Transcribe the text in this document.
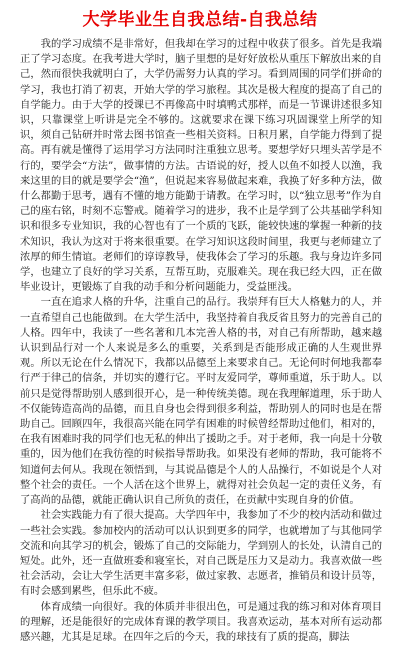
大学毕业生自我总结-自我总结

我的学习成绩不是非常好，但我却在学习的过程中收获了很多。首先是我端正了学习态度。在我考进大学时，脑子里想的是好好放松从重压下解放出来的自己，然而很快我就明白了，大学仍需努力认真的学习。看到周围的同学们拼命的学习，我也打消了初衷，开始大学的学习旅程。其次是极大程度的提高了自己的自学能力。由于大学的授课已不再像高中时填鸭式那样，而是一节课讲述很多知识，只靠课堂上听讲是完全不够的。这就要求在课下练习巩固课堂上所学的知识，须自己钻研并时常去图书馆查一些相关资料。日积月累，自学能力得到了提高。再有就是懂得了运用学习方法同时注重独立思考。要想学好只埋头苦学是不行的，要学会“方法”，做事情的方法。古语说的好，授人以鱼不如授人以渔，我来这里的目的就是要学会“渔”，但说起来容易做起来难，我换了好多种方法，做什么都勤于思考，遇有不懂的地方能勤于请教。在学习时，以“独立思考”作为自己的座右铭，时刻不忘警戒。随着学习的进步，我不止是学到了公共基础学科知识和很多专业知识，我的心智也有了一个质的飞跃，能较快速的掌握一种新的技术知识，我认为这对于将来很重要。在学习知识这段时间里，我更与老师建立了浓厚的师生情谊。老师们的谆谆教导，使我体会了学习的乐趣。我与身边许多同学，也建立了良好的学习关系，互帮互助，克服难关。现在我已经大四，正在做毕业设计，更锻炼了自我的动手和分析问题能力，受益匪浅。

一直在追求人格的升华，注重自己的品行。我崇拜有巨大人格魅力的人，并一直希望自己也能做到。在大学生活中，我坚持着自我反省且努力的完善自己的人格。四年中，我读了一些名著和几本完善人格的书，对自己有所帮助，越来越认识到品行对一个人来说是多么的重要，关系到是否能形成正确的人生观世界观。所以无论在什么情况下，我都以品德至上来要求自己。无论何时何地我都奉行严于律己的信条，并切实的遵行它。平时友爱同学，尊师重道，乐于助人。以前只是觉得帮助别人感到很开心，是一种传统美德。现在我理解道理，乐于助人不仅能铸造高尚的品德，而且自身也会得到很多利益，帮助别人的同时也是在帮助自己。回顾四年，我很高兴能在同学有困难的时候曾经帮助过他们，相对的，在我有困难时我的同学们也无私的伸出了援助之手。对于老师，我一向是十分敬重的，因为他们在我彷徨的时候指导帮助我。如果没有老师的帮助，我可能将不知道何去何从。我现在领悟到，与其说品德是个人的人品操行，不如说是个人对整个社会的责任。一个人活在这个世界上，就得对社会负起一定的责任义务，有了高尚的品德，就能正确认识自己所负的责任，在贡献中实现自身的价值。

社会实践能力有了很大提高。大学四年中，我参加了不少的校内活动和做过一些社会实践。参加校内的活动可以认识到更多的同学，也就增加了与其他同学交流和向其学习的机会，锻炼了自己的交际能力，学到别人的长处，认清自己的短处。此外，还一直做班委和寝室长，对自己既是压力又是动力。我喜欢做一些社会活动，会让大学生活更丰富多彩，做过家教、志愿者，推销员和设计员等，有时会感到累些，但乐此不疲。

体育成绩一向很好。我的体质并非很出色，可是通过我的练习和对体育项目的理解，还是能很好的完成体育课的教学项目。我喜欢运动，基本对所有运动都感兴趣，尤其是足球。在四年之后的今天，我的球技有了质的提高，脚法
